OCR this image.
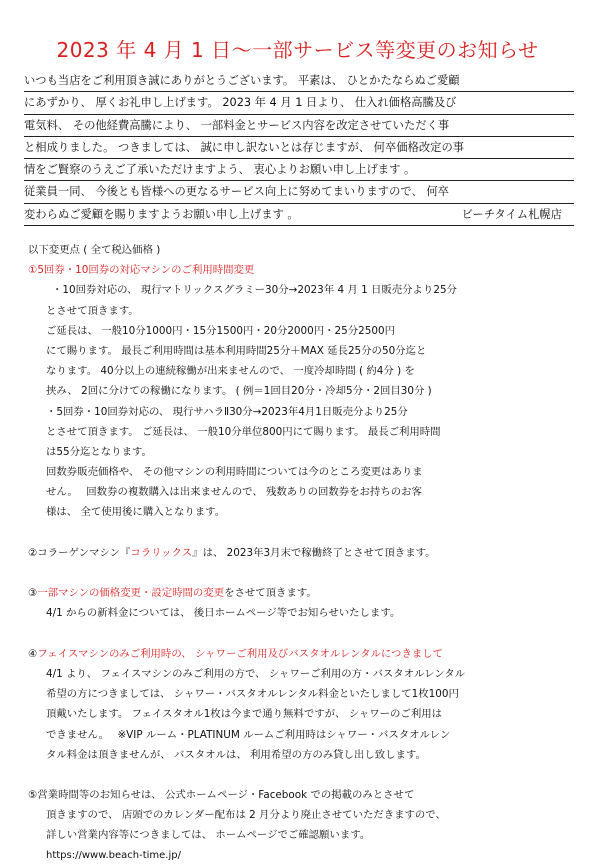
2023 年 4 月 1 日〜一部サービス等変更のお知らせ
いつも当店をご利用頂き誠にありがとうございます。 平素は、 ひとかたならぬご愛顧
にあずかり、 厚くお礼申し上げます。 2023 年 4 月 1 日より、 仕入れ価格高騰及び
電気料、 その他経費高騰により、 一部料金とサービス内容を改定させていただく事
と相成りました。 つきましては、 誠に申し訳ないとは存じますが、 何卒価格改定の事
情をご賢察のうえご了承いただけますよう、 衷心よりお願い申し上げます 。
従業員一同、 今後とも皆様への更なるサービス向上に努めてまいりますので、 何卒
変わらぬご愛顧を賜りますようお願い申し上げます 。	ビーチタイム札幌店
以下変更点 ( 全て税込価格 )
①5回券・10回券の対応マシンのご利用時間変更
・10回券対応の、 現行マトリックスグラミー30分→2023年 4 月 1 日販売分より25分
とさせて頂きます。
ご延長は、 一般10分1000円・15分1500円・20分2000円・25分2500円
にて賜ります。 最長ご利用時間は基本利用時間25分＋MAX 延長25分の50分迄と
なります。 40分以上の連続稼働が出来ませんので、 一度冷却時間 ( 約4分 ) を
挟み、 2回に分けての稼働になります。 ( 例＝1回目20分・冷却5分・2回目30分 )
・5回券・10回券対応の、 現行サハラⅡ30分→2023年4月1日販売分より25分
とさせて頂きます。 ご延長は、 一般10分単位800円にて賜ります。 最長ご利用時間
は55分迄となります。
回数券販売価格や、 その他マシンの利用時間については今のところ変更はありま
せん。　 回数券の複数購入は出来ませんので、 残数ありの回数券をお持ちのお客
様は、 全て使用後に購入となります。
②コラーゲンマシン『コラリックス』は、 2023年3月末で稼働終了とさせて頂きます。
③一部マシンの価格変更・設定時間の変更をさせて頂きます。
4/1 からの新料金については、 後日ホームページ等でお知らせいたします。
④フェイスマシンのみご利用時の、 シャワーご利用及びバスタオルレンタルにつきまして
4/1 より、 フェイスマシンのみご利用の方で、 シャワーご利用の方・バスタオルレンタル
希望の方につきましては、 シャワー・バスタオルレンタル料金といたしまして1枚100円
頂戴いたします。 フェイスタオル1枚は今まで通り無料ですが、 シャワーのご利用は
できません。　 ※VIP ルーム・PLATINUM ルームご利用時はシャワー・バスタオルレン
タル料金は頂きませんが、 バスタオルは、 利用希望の方のみ貸し出し致します。
⑤営業時間等のお知らせは、 公式ホームページ・Facebook での掲載のみとさせて
頂きますので、 店頭でのカレンダー配布は 2 月分より廃止させていただきますので、
詳しい営業内容等につきましては、 ホームページでご確認願います。
https://www.beach-time.jp/
